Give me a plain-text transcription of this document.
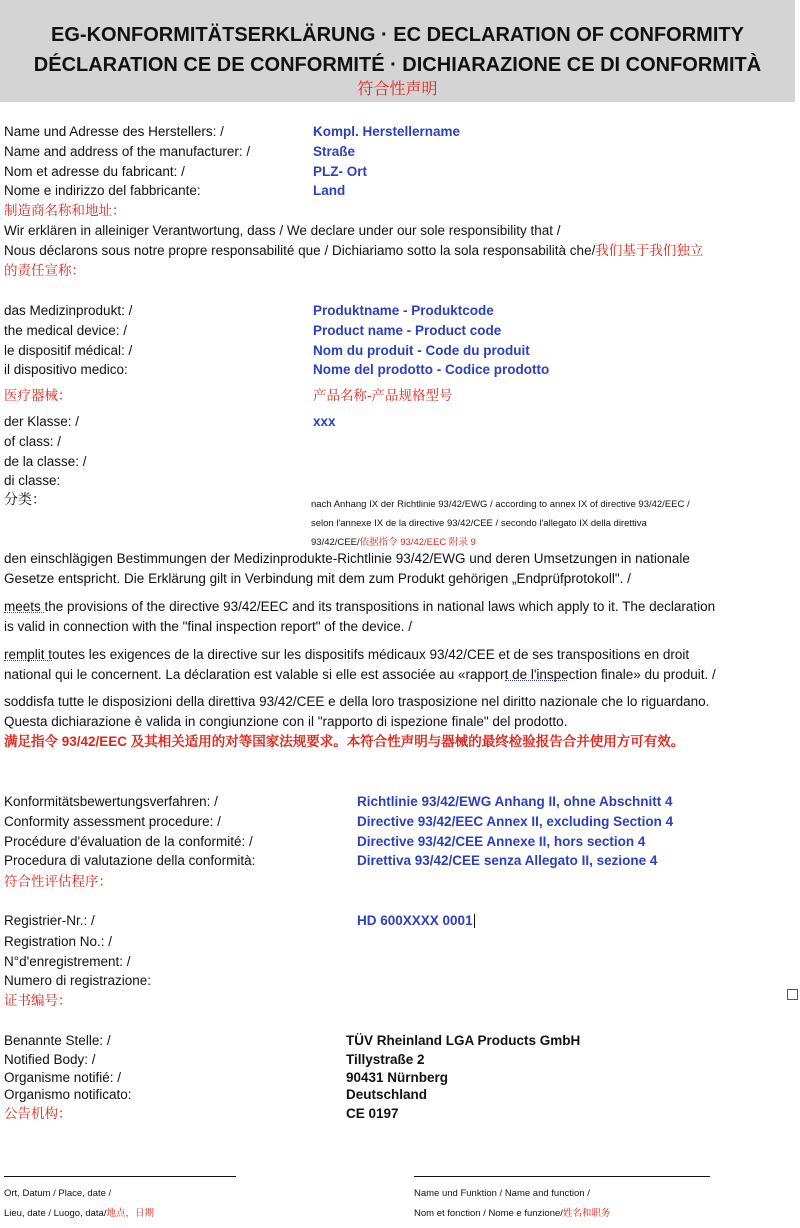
EG-KONFORMITÄTSERKLÄRUNG · EC DECLARATION OF CONFORMITY
DÉCLARATION CE DE CONFORMITÉ · DICHIARAZIONE CE DI CONFORMITÀ
符合性声明
Name und Adresse des Herstellers: /
Name and address of the manufacturer: /
Nom et adresse du fabricant: /
Nome e indirizzo del fabbricante:
制造商名称和地址：
Kompl. Herstellername
Straße
PLZ- Ort
Land
Wir erklären in alleiniger Verantwortung, dass / We declare under our sole responsibility that /
Nous déclarons sous notre propre responsabilité que / Dichiariamo sotto la sola responsabilità che/我们基于我们独立
的责任宣称：
das Medizinprodukt: /
the medical device: /
le dispositif médical: /
il dispositivo medico:
医疗器械：
Produktname - Produktcode
Product name - Product code
Nom du produit - Code du produit
Nome del prodotto - Codice prodotto
产品名称-产品规格型号
der Klasse: /
of class: /
de la classe: /
di classe:
分类：
xxx
nach Anhang IX der Richtlinie 93/42/EWG / according to annex IX of directive 93/42/EEC /
selon l'annexe IX de la directive 93/42/CEE / secondo l'allegato IX della direttiva
93/42/CEE/依据指令 93/42/EEC 附录 9
den einschlägigen Bestimmungen der Medizinprodukte-Richtlinie 93/42/EWG und deren Umsetzungen in nationale
Gesetze entspricht. Die Erklärung gilt in Verbindung mit dem zum Produkt gehörigen „Endprüfprotokoll". /
meets the provisions of the directive 93/42/EEC and its transpositions in national laws which apply to it. The declaration
is valid in connection with the "final inspection report" of the device. /
remplit toutes les exigences de la directive sur les dispositifs médicaux 93/42/CEE et de ses transpositions en droit
national qui le concernent. La déclaration est valable si elle est associée au «rapport de l'inspection finale» du produit. /
soddisfa tutte le disposizioni della direttiva 93/42/CEE e della loro trasposizione nel diritto nazionale che lo riguardano.
Questa dichiarazione è valida in congiunzione con il "rapporto di ispezione finale" del prodotto.
满足指令 93/42/EEC 及其相关适用的对等国家法规要求。本符合性声明与器械的最终检验报告合并使用方可有效。
Konformitätsbewertungsverfahren: /
Conformity assessment procedure: /
Procédure d'évaluation de la conformité: /
Procedura di valutazione della conformità:
符合性评估程序：
Richtlinie 93/42/EWG Anhang II, ohne Abschnitt 4
Directive 93/42/EEC Annex II, excluding Section 4
Directive 93/42/CEE Annexe II, hors section 4
Direttiva 93/42/CEE senza Allegato II, sezione 4
Registrier-Nr.: /
Registration No.: /
N°d'enregistrement: /
Numero di registrazione:
证书编号：
HD 600XXXX 0001
Benannte Stelle: /
Notified Body: /
Organisme notifié: /
Organismo notificato:
公告机构：
TÜV Rheinland LGA Products GmbH
Tillystraße 2
90431 Nürnberg
Deutschland
CE 0197
Ort, Datum / Place, date /
Lieu, date / Luogo, data/地点，日期
Name und Funktion / Name and function /
Nom et fonction / Nome e funzione/姓名和职务
